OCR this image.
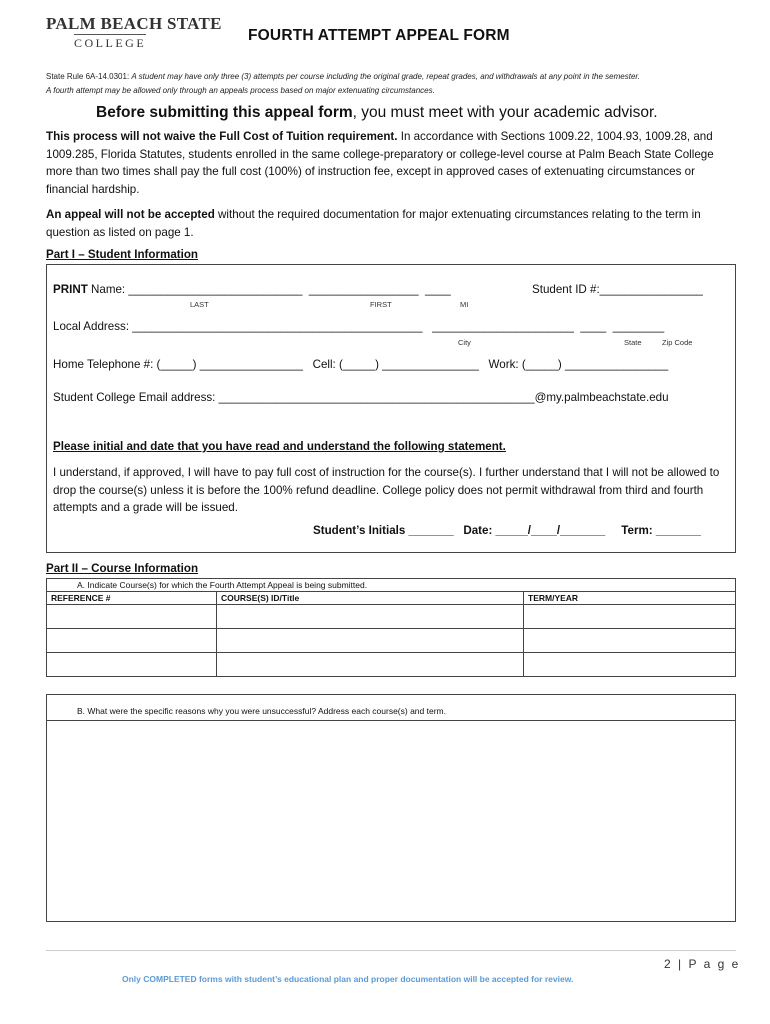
PALM BEACH STATE
COLLEGE	FOURTH ATTEMPT APPEAL FORM
State Rule 6A-14.0301: A student may have only three (3) attempts per course including the original grade, repeat grades, and withdrawals at any point in the semester.
A fourth attempt may be allowed only through an appeals process based on major extenuating circumstances.
Before submitting this appeal form, you must meet with your academic advisor.
This process will not waive the Full Cost of Tuition requirement. In accordance with Sections 1009.22, 1004.93, 1009.28, and 1009.285, Florida Statutes, students enrolled in the same college-preparatory or college-level course at Palm Beach State College more than two times shall pay the full cost (100%) of instruction fee, except in approved cases of extenuating circumstances or financial hardship.
An appeal will not be accepted without the required documentation for major extenuating circumstances relating to the term in question as listed on page 1.
Part I – Student Information
PRINT Name: ___________________________  _________________  ____
LAST	FIRST	MI
Student ID #:________________
Local Address: _____________________________________________   ______________________  ____  ________
City	State	Zip Code
Home Telephone #: (_____) ________________   Cell: (_____) _______________   Work: (_____) ________________
Student College Email address: _________________________________________________@my.palmbeachstate.edu
Please initial and date that you have read and understand the following statement.
I understand, if approved, I will have to pay full cost of instruction for the course(s). I further understand that I will not be allowed to drop the course(s) unless it is before the 100% refund deadline. College policy does not permit withdrawal from third and fourth attempts and a grade will be issued.
Student’s Initials _______   Date: _____/____/_______     Term: _______
Part II – Course Information
A. Indicate Course(s) for which the Fourth Attempt Appeal is being submitted.		
REFERENCE #	COURSE(S) ID/Title	TERM/YEAR

B. What were the specific reasons why you were unsuccessful? Address each course(s) and term.
2 | P a g e
Only COMPLETED forms with student’s educational plan and proper documentation will be accepted for review.
